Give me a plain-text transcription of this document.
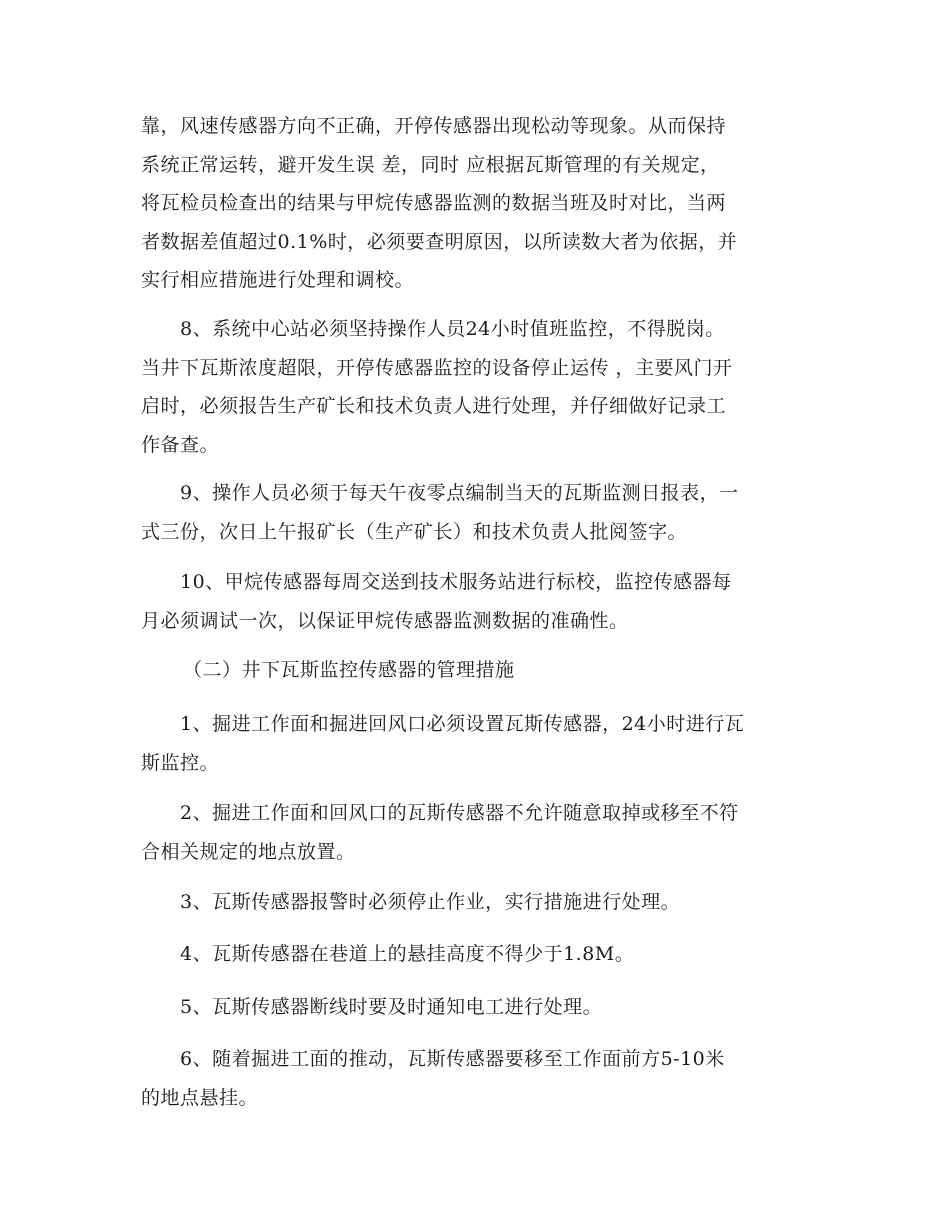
靠，风速传感器方向不正确，开停传感器出现松动等现象。从而保持
系统正常运转，避开发生误 差，同时 应根据瓦斯管理的有关规定，
将瓦检员检查出的结果与甲烷传感器监测的数据当班及时对比，当两
者数据差值超过0.1%时，必须要查明原因，以所读数大者为依据，并
实行相应措施进行处理和调校。
8、系统中心站必须坚持操作人员24小时值班监控，不得脱岗。
当井下瓦斯浓度超限，开停传感器监控的设备停止运传 ，主要风门开
启时，必须报告生产矿长和技术负责人进行处理，并仔细做好记录工
作备查。
9、操作人员必须于每天午夜零点编制当天的瓦斯监测日报表，一
式三份，次日上午报矿长（生产矿长）和技术负责人批阅签字。
10、甲烷传感器每周交送到技术服务站进行标校，监控传感器每
月必须调试一次，以保证甲烷传感器监测数据的准确性。
（二）井下瓦斯监控传感器的管理措施
1、掘进工作面和掘进回风口必须设置瓦斯传感器，24小时进行瓦
斯监控。
2、掘进工作面和回风口的瓦斯传感器不允许随意取掉或移至不符
合相关规定的地点放置。
3、瓦斯传感器报警时必须停止作业，实行措施进行处理。
4、瓦斯传感器在巷道上的悬挂高度不得少于1.8M。
5、瓦斯传感器断线时要及时通知电工进行处理。
6、随着掘进工面的推动，瓦斯传感器要移至工作面前方5-10米
的地点悬挂。
